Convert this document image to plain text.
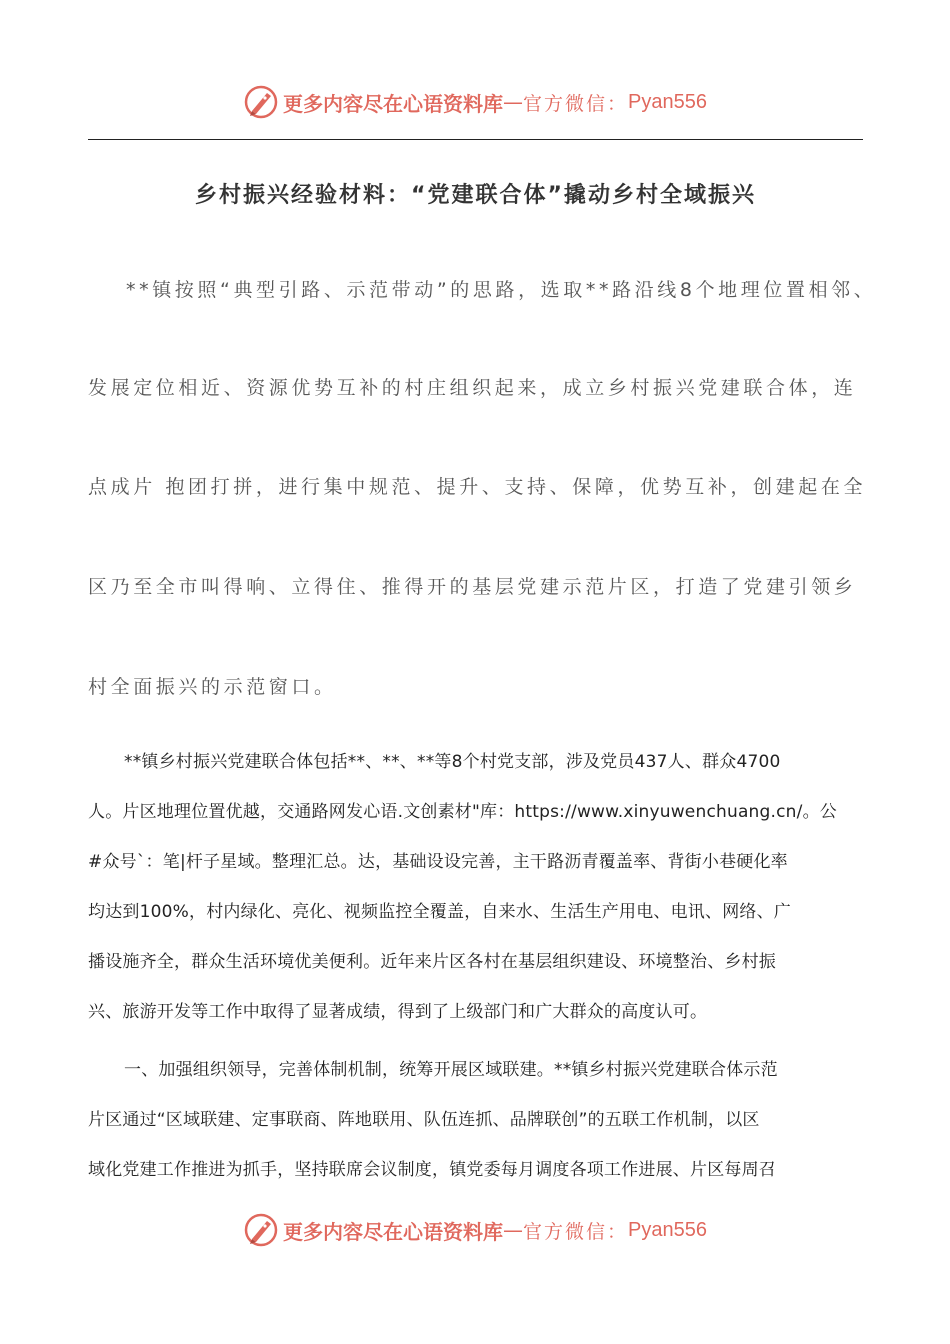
更多内容尽在心语资料库 — 官方微信： Pyan556
乡村振兴经验材料：“党建联合体”撬动乡村全域振兴
**镇按照“典型引路、示范带动”的思路，选取**路沿线8个地理位置相邻、
发展定位相近、资源优势互补的村庄组织起来，成立乡村振兴党建联合体，连
点成片 抱团打拼，进行集中规范、提升、支持、保障，优势互补，创建起在全
区乃至全市叫得响、立得住、推得开的基层党建示范片区，打造了党建引领乡
村全面振兴的示范窗口。
**镇乡村振兴党建联合体包括**、**、**等8个村党支部，涉及党员437人、群众4700
人。片区地理位置优越，交通路网发心语.文创素材"库：https://www.xinyuwenchuang.cn/。公
#众号`：笔|杆子星域。整理汇总。达，基础设设完善，主干路沥青覆盖率、背街小巷硬化率
均达到100%，村内绿化、亮化、视频监控全覆盖，自来水、生活生产用电、电讯、网络、广
播设施齐全，群众生活环境优美便利。近年来片区各村在基层组织建设、环境整治、乡村振
兴、旅游开发等工作中取得了显著成绩，得到了上级部门和广大群众的高度认可。
一、加强组织领导，完善体制机制，统筹开展区域联建。**镇乡村振兴党建联合体示范
片区通过“区域联建、定事联商、阵地联用、队伍连抓、品牌联创”的五联工作机制，以区
域化党建工作推进为抓手，坚持联席会议制度，镇党委每月调度各项工作进展、片区每周召
更多内容尽在心语资料库 — 官方微信： Pyan556
